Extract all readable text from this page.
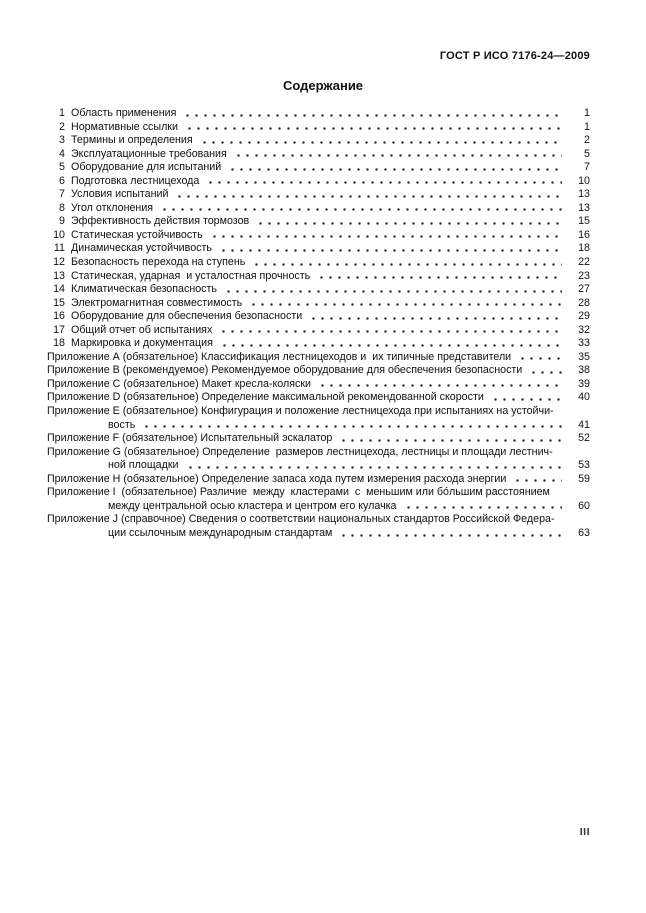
ГОСТ Р ИСО 7176-24—2009
Содержание
1 Область применения	1
2 Нормативные ссылки	1
3 Термины и определения	2
4 Эксплуатационные требования	5
5 Оборудование для испытаний	7
6 Подготовка лестницехода	10
7 Условия испытаний	13
8 Угол отклонения	13
9 Эффективность действия тормозов	15
10 Статическая устойчивость	16
11 Динамическая устойчивость	18
12 Безопасность перехода на ступень	22
13 Статическая, ударная  и усталостная прочность	23
14 Климатическая безопасность	27
15 Электромагнитная совместимость	28
16 Оборудование для обеспечения безопасности	29
17 Общий отчет об испытаниях	32
18 Маркировка и документация	33
Приложение А (обязательное) Классификация лестницеходов и  их типичные представители	35
Приложение В (рекомендуемое) Рекомендуемое оборудование для обеспечения безопасности	38
Приложение С (обязательное) Макет кресла-коляски	39
Приложение D (обязательное) Определение максимальной рекомендованной скорости	40
Приложение Е (обязательное) Конфигурация и положение лестницехода при испытаниях на устойчи-
вость	41
Приложение F (обязательное) Испытательный эскалатор	52
Приложение G (обязательное) Определение  размеров лестницехода, лестницы и площади лестнич-
ной площадки	53
Приложение Н (обязательное) Определение запаса хода путем измерения расхода энергии	59
Приложение I  (обязательное) Различие  между  кластерами  с  меньшим или бо́льшим расстоянием
между центральной осью кластера и центром его кулачка	60
Приложение J (справочное) Сведения о соответствии национальных стандартов Российской Федера-
ции ссылочным международным стандартам	63
III
